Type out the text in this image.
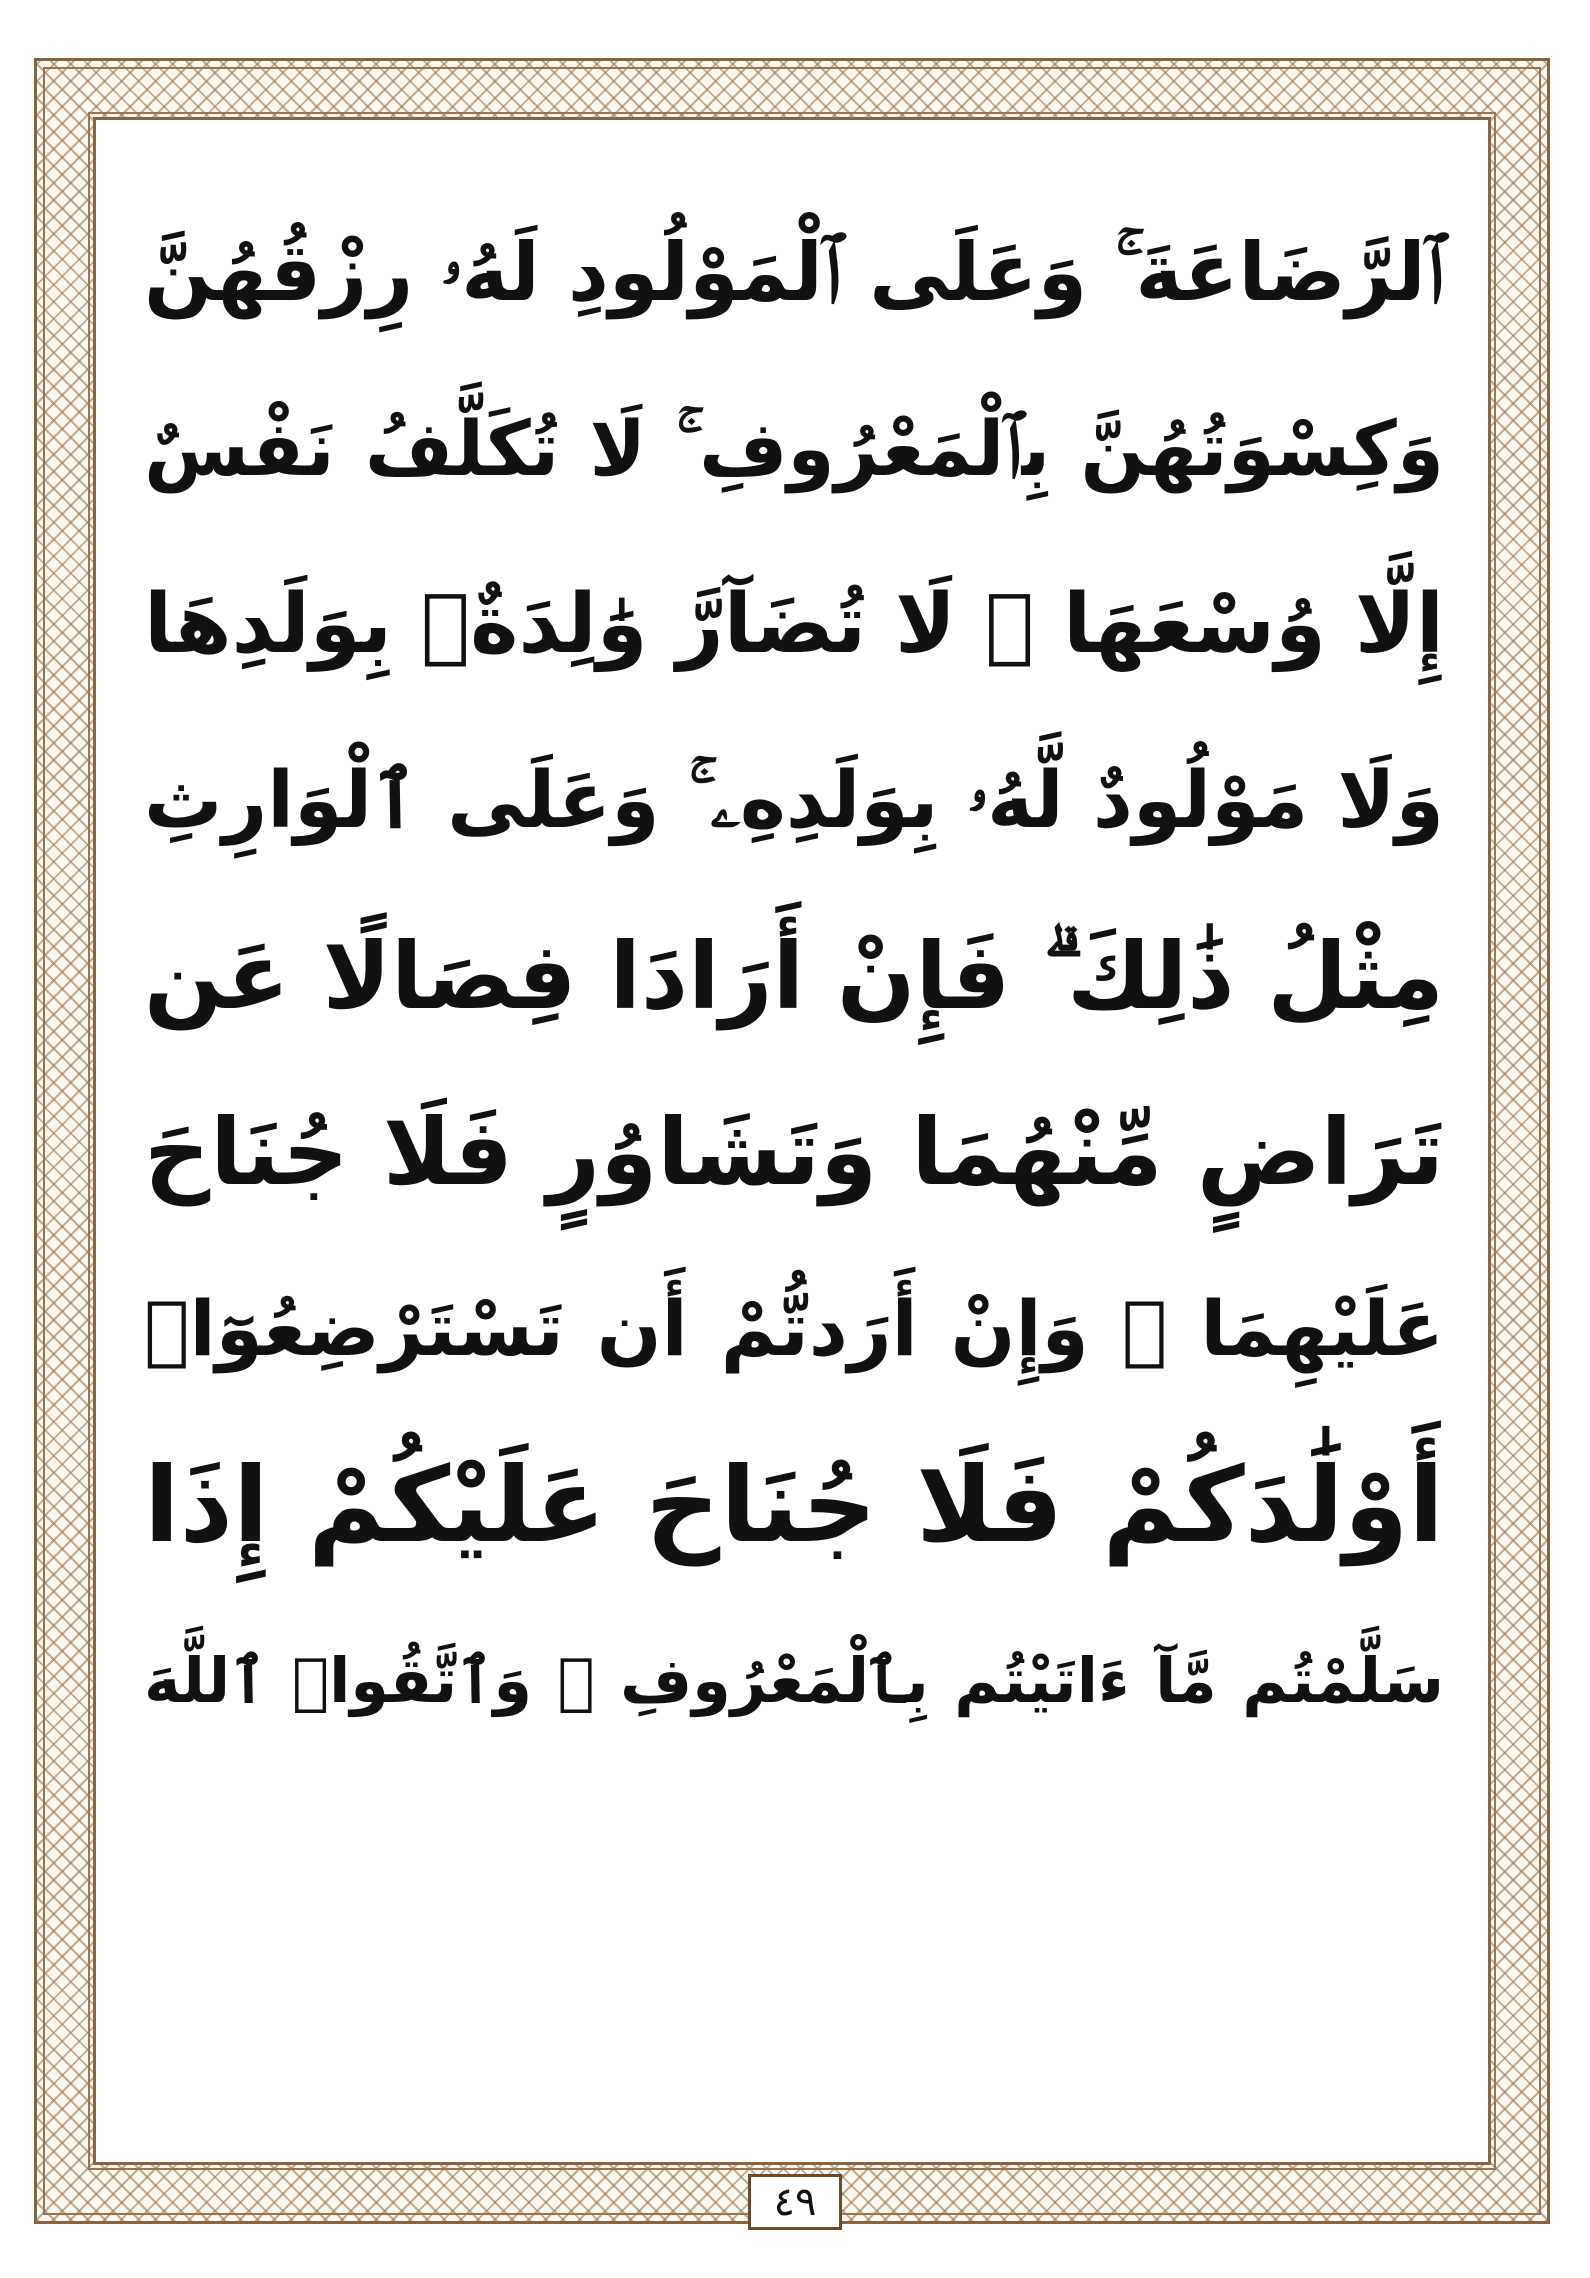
ٱلرَّضَاعَةَ ۚ وَعَلَى ٱلْمَوْلُودِ لَهُۥ رِزْقُهُنَّ
وَكِسْوَتُهُنَّ بِٱلْمَعْرُوفِ ۚ لَا تُكَلَّفُ نَفْسٌ
إِلَّا وُسْعَهَا ۚ لَا تُضَآرَّ وَٰلِدَةٌۢ بِوَلَدِهَا
وَلَا مَوْلُودٌ لَّهُۥ بِوَلَدِهِۦ ۚ وَعَلَى ٱلْوَارِثِ
مِثْلُ ذَٰلِكَ ۗ فَإِنْ أَرَادَا فِصَالًا عَن
تَرَاضٍ مِّنْهُمَا وَتَشَاوُرٍ فَلَا جُنَاحَ
عَلَيْهِمَا ۗ وَإِنْ أَرَدتُّمْ أَن تَسْتَرْضِعُوٓا۟
أَوْلَٰدَكُمْ فَلَا جُنَاحَ عَلَيْكُمْ إِذَا
سَلَّمْتُم مَّآ ءَاتَيْتُم بِٱلْمَعْرُوفِ ۗ وَٱتَّقُوا۟ ٱللَّهَ
٤٩
